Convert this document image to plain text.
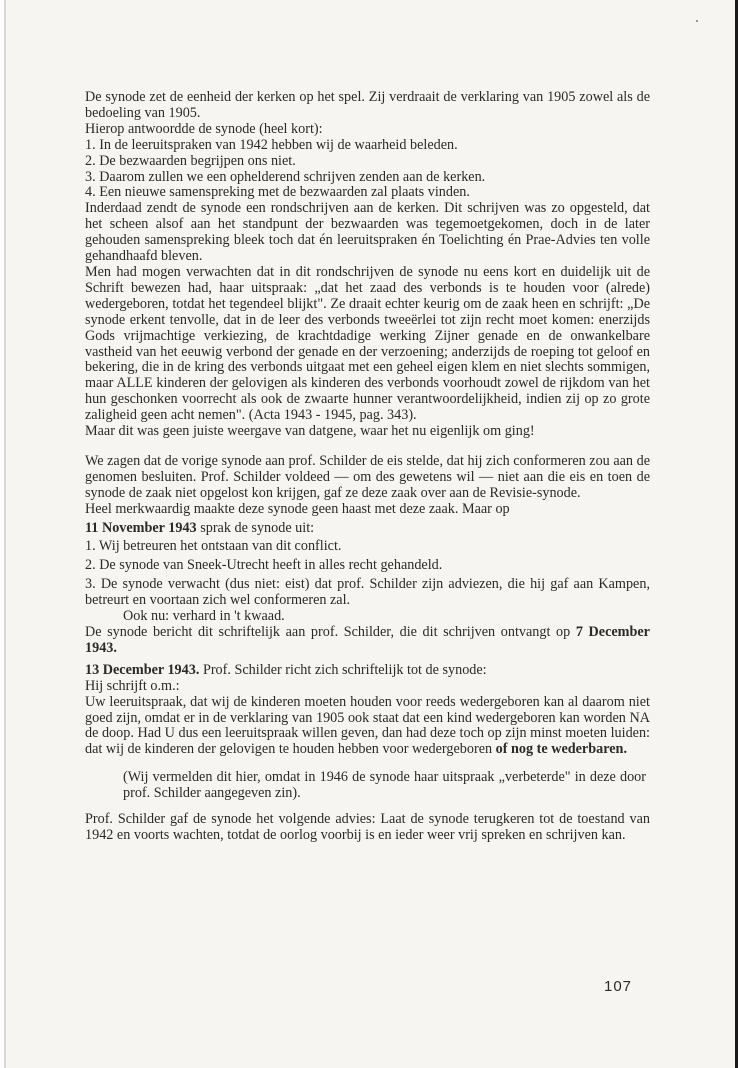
De synode zet de eenheid der kerken op het spel. Zij verdraait de verklaring van 1905 zowel als de bedoeling van 1905.

Hierop antwoordde de synode (heel kort):

1. In de leeruitspraken van 1942 hebben wij de waarheid beleden.

2. De bezwaarden begrijpen ons niet.

3. Daarom zullen we een ophelderend schrijven zenden aan de kerken.

4. Een nieuwe samenspreking met de bezwaarden zal plaats vinden.

Inderdaad zendt de synode een rondschrijven aan de kerken. Dit schrijven was zo opgesteld, dat het scheen alsof aan het standpunt der bezwaarden was tegemoetgekomen, doch in de later gehouden samenspreking bleek toch dat én leeruitspraken én Toelichting én Prae-Advies ten volle gehandhaafd bleven.

Men had mogen verwachten dat in dit rondschrijven de synode nu eens kort en duidelijk uit de Schrift bewezen had, haar uitspraak: „dat het zaad des verbonds is te houden voor (alrede) wedergeboren, totdat het tegendeel blijkt". Ze draait echter keurig om de zaak heen en schrijft: „De synode erkent tenvolle, dat in de leer des verbonds tweeërlei tot zijn recht moet komen: enerzijds Gods vrijmachtige verkiezing, de krachtdadige werking Zijner genade en de onwankelbare vastheid van het eeuwig verbond der genade en der verzoening; anderzijds de roeping tot geloof en bekering, die in de kring des verbonds uitgaat met een geheel eigen klem en niet slechts sommigen, maar ALLE kinderen der gelovigen als kinderen des verbonds voorhoudt zowel de rijkdom van het hun geschonken voorrecht als ook de zwaarte hunner verantwoordelijkheid, indien zij op zo grote zaligheid geen acht nemen". (Acta 1943 - 1945, pag. 343).

Maar dit was geen juiste weergave van datgene, waar het nu eigenlijk om ging!

We zagen dat de vorige synode aan prof. Schilder de eis stelde, dat hij zich conformeren zou aan de genomen besluiten. Prof. Schilder voldeed — om des gewetens wil — niet aan die eis en toen de synode de zaak niet opgelost kon krijgen, gaf ze deze zaak over aan de Revisie-synode.

Heel merkwaardig maakte deze synode geen haast met deze zaak. Maar op

11 November 1943 sprak de synode uit:

1. Wij betreuren het ontstaan van dit conflict.

2. De synode van Sneek-Utrecht heeft in alles recht gehandeld.

3. De synode verwacht (dus niet: eist) dat prof. Schilder zijn adviezen, die hij gaf aan Kampen, betreurt en voortaan zich wel conformeren zal.

Ook nu: verhard in 't kwaad.

De synode bericht dit schriftelijk aan prof. Schilder, die dit schrijven ontvangt op 7 December 1943.

13 December 1943. Prof. Schilder richt zich schriftelijk tot de synode:

Hij schrijft o.m.:

Uw leeruitspraak, dat wij de kinderen moeten houden voor reeds wedergeboren kan al daarom niet goed zijn, omdat er in de verklaring van 1905 ook staat dat een kind wedergeboren kan worden NA de doop. Had U dus een leeruitspraak willen geven, dan had deze toch op zijn minst moeten luiden: dat wij de kinderen der gelovigen te houden hebben voor wedergeboren of nog te wederbaren.

(Wij vermelden dit hier, omdat in 1946 de synode haar uitspraak „verbeterde" in deze door prof. Schilder aangegeven zin).

Prof. Schilder gaf de synode het volgende advies: Laat de synode terugkeren tot de toestand van 1942 en voorts wachten, totdat de oorlog voorbij is en ieder weer vrij spreken en schrijven kan.

107
